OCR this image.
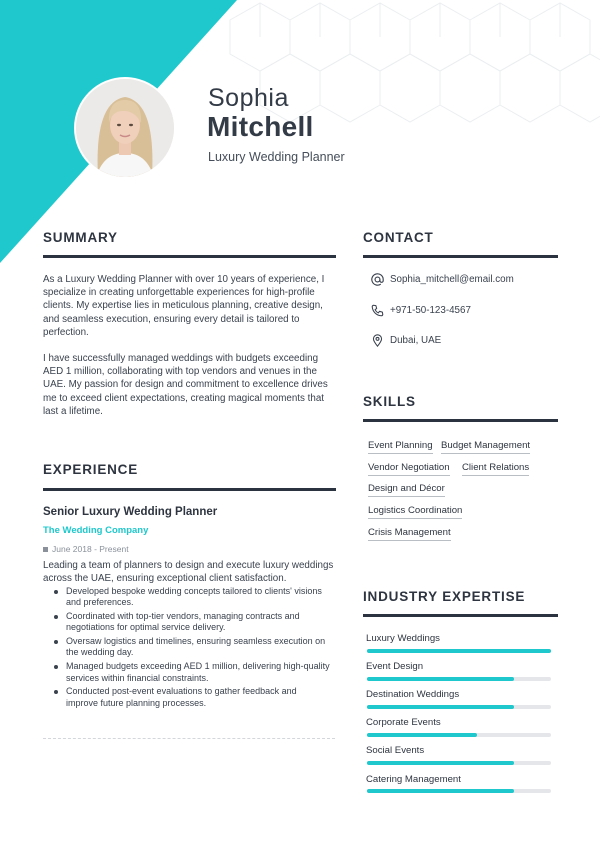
Sophia
Mitchell
Luxury Wedding Planner
SUMMARY
As a Luxury Wedding Planner with over 10 years of experience, I specialize in creating unforgettable experiences for high-profile clients. My expertise lies in meticulous planning, creative design, and seamless execution, ensuring every detail is tailored to perfection.
I have successfully managed weddings with budgets exceeding AED 1 million, collaborating with top vendors and venues in the UAE. My passion for design and commitment to excellence drives me to exceed client expectations, creating magical moments that last a lifetime.
EXPERIENCE
Senior Luxury Wedding Planner
The Wedding Company
June 2018 - Present
Leading a team of planners to design and execute luxury weddings across the UAE, ensuring exceptional client satisfaction.
Developed bespoke wedding concepts tailored to clients' visions and preferences.
Coordinated with top-tier vendors, managing contracts and negotiations for optimal service delivery.
Oversaw logistics and timelines, ensuring seamless execution on the wedding day.
Managed budgets exceeding AED 1 million, delivering high-quality services within financial constraints.
Conducted post-event evaluations to gather feedback and improve future planning processes.
CONTACT
Sophia_mitchell@email.com
+971-50-123-4567
Dubai, UAE
SKILLS
Event Planning Budget Management
Vendor Negotiation Client Relations
Design and Décor
Logistics Coordination
Crisis Management
INDUSTRY EXPERTISE
Luxury Weddings
Event Design
Destination Weddings
Corporate Events
Social Events
Catering Management
